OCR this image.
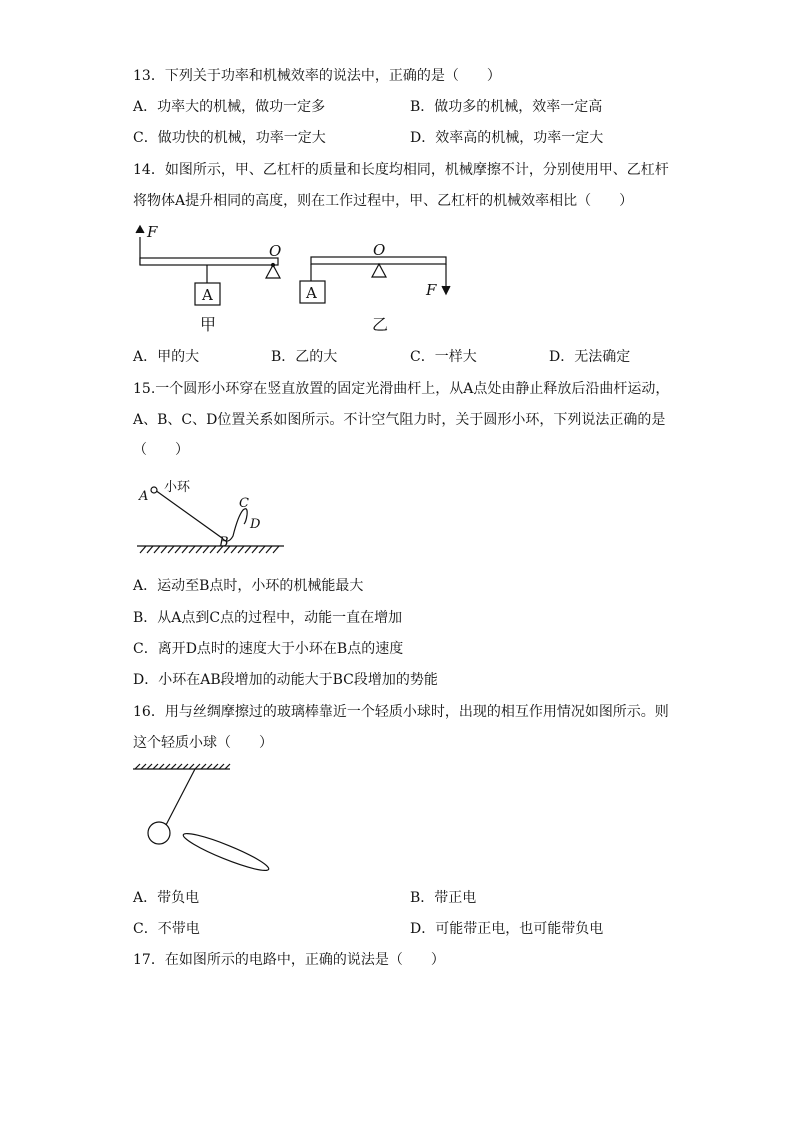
13．下列关于功率和机械效率的说法中，正确的是（　　）
A．功率大的机械，做功一定多	B．做功多的机械，效率一定高
C．做功快的机械，功率一定大	D．效率高的机械，功率一定大
14．如图所示，甲、乙杠杆的质量和长度均相同，机械摩擦不计，分别使用甲、乙杠杆
将物体A提升相同的高度，则在工作过程中，甲、乙杠杆的机械效率相比（　　）
F
O
A
O
A	F
甲	乙
A．甲的大	B．乙的大	C．一样大	D．无法确定
15.一个圆形小环穿在竖直放置的固定光滑曲杆上，从A点处由静止释放后沿曲杆运动，
A、B、C、D位置关系如图所示。不计空气阻力时，关于圆形小环，下列说法正确的是
（　　）
小环
A
B
C
D
A．运动至B点时，小环的机械能最大
B．从A点到C点的过程中，动能一直在增加
C．离开D点时的速度大于小环在B点的速度
D．小环在AB段增加的动能大于BC段增加的势能
16．用与丝绸摩擦过的玻璃棒靠近一个轻质小球时，出现的相互作用情况如图所示。则
这个轻质小球（　　）
A．带负电	B．带正电
C．不带电	D．可能带正电，也可能带负电
17．在如图所示的电路中，正确的说法是（　　）
